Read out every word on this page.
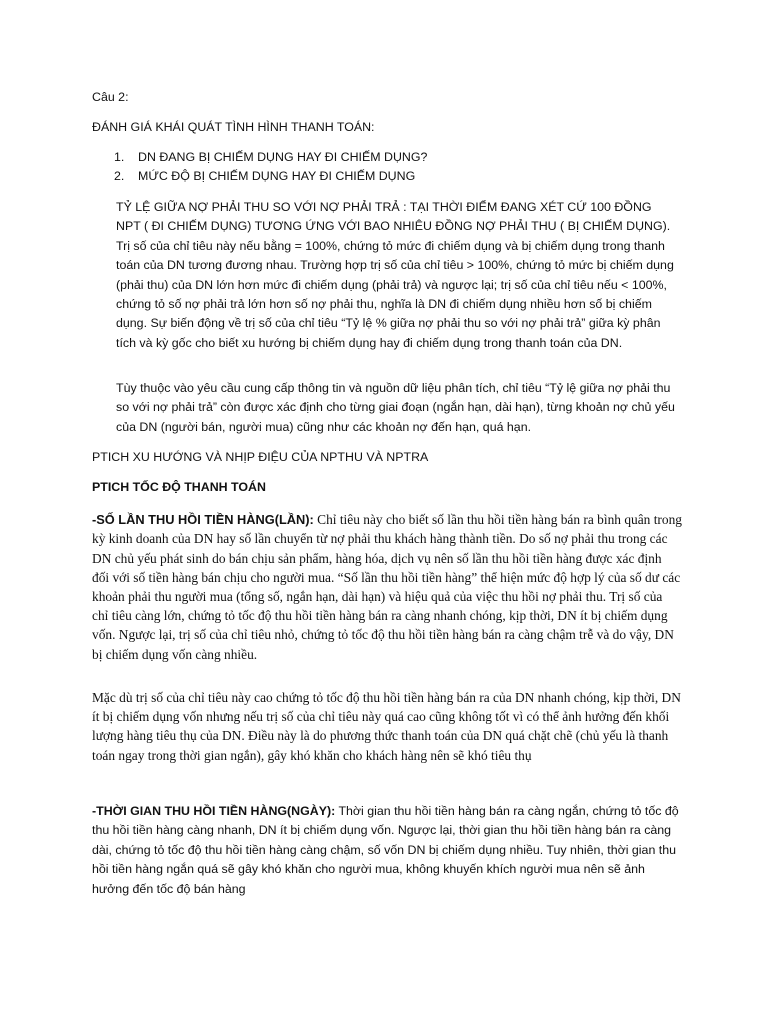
Câu 2:

ĐÁNH GIÁ KHÁI QUÁT TÌNH HÌNH THANH TOÁN:

1. DN ĐANG BỊ CHIẾM DỤNG HAY ĐI CHIẾM DỤNG?
2. MỨC ĐỘ BỊ CHIẾM DỤNG HAY ĐI CHIẾM DỤNG

TỶ LỆ GIỮA NỢ PHẢI THU SO VỚI NỢ PHẢI TRẢ : TẠI THỜI ĐIỂM ĐANG XÉT CỨ 100 ĐỒNG NPT ( ĐI CHIẾM DỤNG) TƯƠNG ỨNG VỚI BAO NHIÊU ĐỒNG NỢ PHẢI THU ( BỊ CHIẾM DỤNG). Trị số của chỉ tiêu này nếu bằng = 100%, chứng tỏ mức đi chiếm dụng và bị chiếm dụng trong thanh toán của DN tương đương nhau. Trường hợp trị số của chỉ tiêu > 100%, chứng tỏ mức bị chiếm dụng (phải thu) của DN lớn hơn mức đi chiếm dụng (phải trả) và ngược lại; trị số của chỉ tiêu nếu < 100%, chứng tỏ số nợ phải trả lớn hơn số nợ phải thu, nghĩa là DN đi chiếm dụng nhiều hơn số bị chiếm dụng. Sự biến động về trị số của chỉ tiêu “Tỷ lệ % giữa nợ phải thu so với nợ phải trả” giữa kỳ phân tích và kỳ gốc cho biết xu hướng bị chiếm dụng hay đi chiếm dụng trong thanh toán của DN.

Tùy thuộc vào yêu cầu cung cấp thông tin và nguồn dữ liệu phân tích, chỉ tiêu “Tỷ lệ giữa nợ phải thu so với nợ phải trả” còn được xác định cho từng giai đoạn (ngắn hạn, dài hạn), từng khoản nợ chủ yếu của DN (người bán, người mua) cũng như các khoản nợ đến hạn, quá hạn.

PTICH XU HƯỚNG VÀ NHỊP ĐIỆU CỦA NPTHU VÀ NPTRA

PTICH TỐC ĐỘ THANH TOÁN

-SỐ LẦN THU HỒI TIỀN HÀNG(LẦN): Chỉ tiêu này cho biết số lần thu hồi tiền hàng bán ra bình quân trong kỳ kinh doanh của DN hay số lần chuyển từ nợ phải thu khách hàng thành tiền. Do số nợ phải thu trong các DN chủ yếu phát sinh do bán chịu sản phẩm, hàng hóa, dịch vụ nên số lần thu hồi tiền hàng được xác định đối với số tiền hàng bán chịu cho người mua. “Số lần thu hồi tiền hàng” thể hiện mức độ hợp lý của số dư các khoản phải thu người mua (tổng số, ngắn hạn, dài hạn) và hiệu quả của việc thu hồi nợ phải thu. Trị số của chỉ tiêu càng lớn, chứng tỏ tốc độ thu hồi tiền hàng bán ra càng nhanh chóng, kịp thời, DN ít bị chiếm dụng vốn. Ngược lại, trị số của chỉ tiêu nhỏ, chứng tỏ tốc độ thu hồi tiền hàng bán ra càng chậm trễ và do vậy, DN bị chiếm dụng vốn càng nhiều.

Mặc dù trị số của chỉ tiêu này cao chứng tỏ tốc độ thu hồi tiền hàng bán ra của DN nhanh chóng, kịp thời, DN ít bị chiếm dụng vốn nhưng nếu trị số của chỉ tiêu này quá cao cũng không tốt vì có thể ảnh hưởng đến khối lượng hàng tiêu thụ của DN. Điều này là do phương thức thanh toán của DN quá chặt chẽ (chủ yếu là thanh toán ngay trong thời gian ngắn), gây khó khăn cho khách hàng nên sẽ khó tiêu thụ

-THỜI GIAN THU HỒI TIỀN HÀNG(NGÀY): Thời gian thu hồi tiền hàng bán ra càng ngắn, chứng tỏ tốc độ thu hồi tiền hàng càng nhanh, DN ít bị chiếm dụng vốn. Ngược lại, thời gian thu hồi tiền hàng bán ra càng dài, chứng tỏ tốc độ thu hồi tiền hàng càng chậm, số vốn DN bị chiếm dụng nhiều. Tuy nhiên, thời gian thu hồi tiền hàng ngắn quá sẽ gây khó khăn cho người mua, không khuyến khích người mua nên sẽ ảnh hưởng đến tốc độ bán hàng
